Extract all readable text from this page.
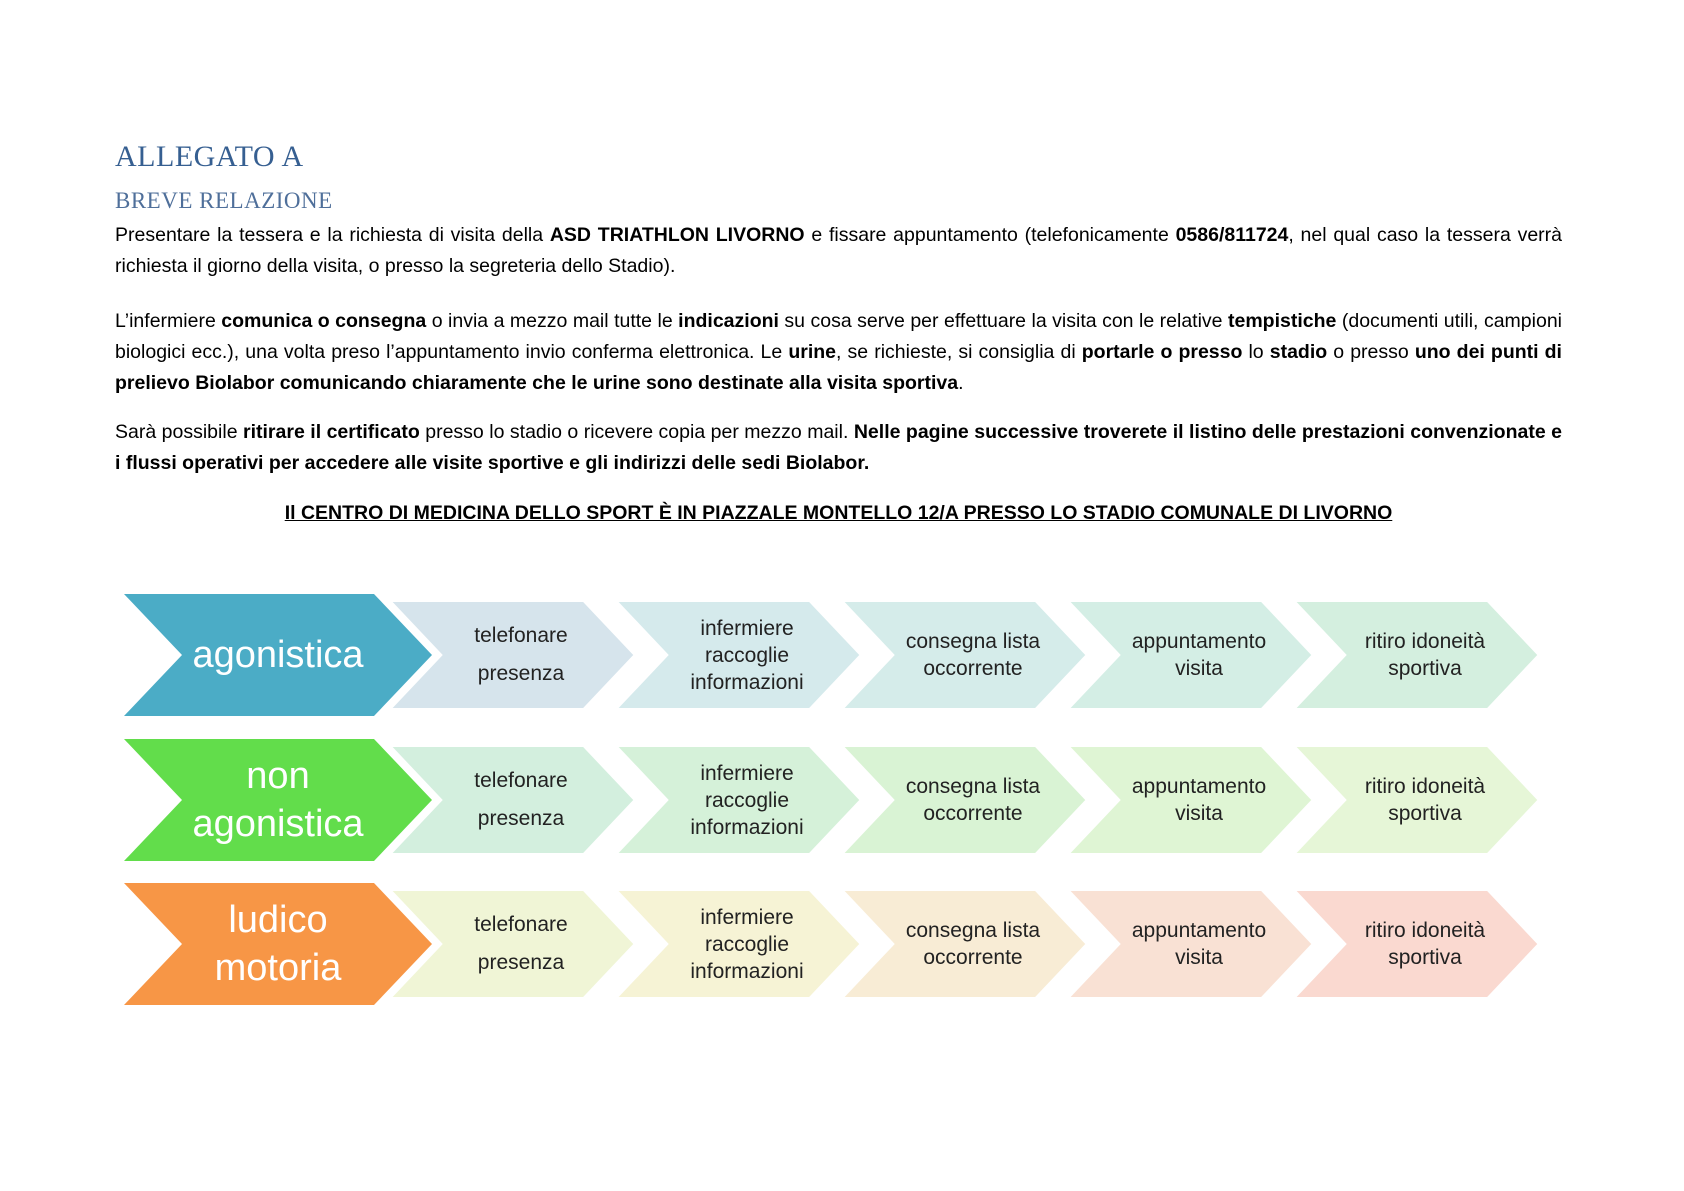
ALLEGATO A
BREVE RELAZIONE

Presentare la tessera e la richiesta di visita della ASD TRIATHLON LIVORNO e fissare appuntamento (telefonicamente 0586/811724, nel qual caso la tessera verrà richiesta il giorno della visita, o presso la segreteria dello Stadio).

L’infermiere comunica o consegna o invia a mezzo mail tutte le indicazioni su cosa serve per effettuare la visita con le relative tempistiche (documenti utili, campioni biologici ecc.), una volta preso l’appuntamento invio conferma elettronica. Le urine, se richieste, si consiglia di portarle o presso lo stadio o presso uno dei punti di prelievo Biolabor comunicando chiaramente che le urine sono destinate alla visita sportiva.

Sarà possibile ritirare il certificato presso lo stadio o ricevere copia per mezzo mail. Nelle pagine successive troverete il listino delle prestazioni convenzionate e i flussi operativi per accedere alle visite sportive e gli indirizzi delle sedi Biolabor.

Il CENTRO DI MEDICINA DELLO SPORT È IN PIAZZALE MONTELLO 12/A PRESSO LO STADIO COMUNALE DI LIVORNO

agonistica	telefonare
presenza
infermiere
raccoglie
informazioni
consegna lista
occorrente
appuntamento
visita
ritiro idoneità
sportiva
non
agonistica
telefonare
presenza
infermiere
raccoglie
informazioni
consegna lista
occorrente
appuntamento
visita
ritiro idoneità
sportiva
ludico
motoria
telefonare
presenza
infermiere
raccoglie
informazioni
consegna lista
occorrente
appuntamento
visita
ritiro idoneità
sportiva
